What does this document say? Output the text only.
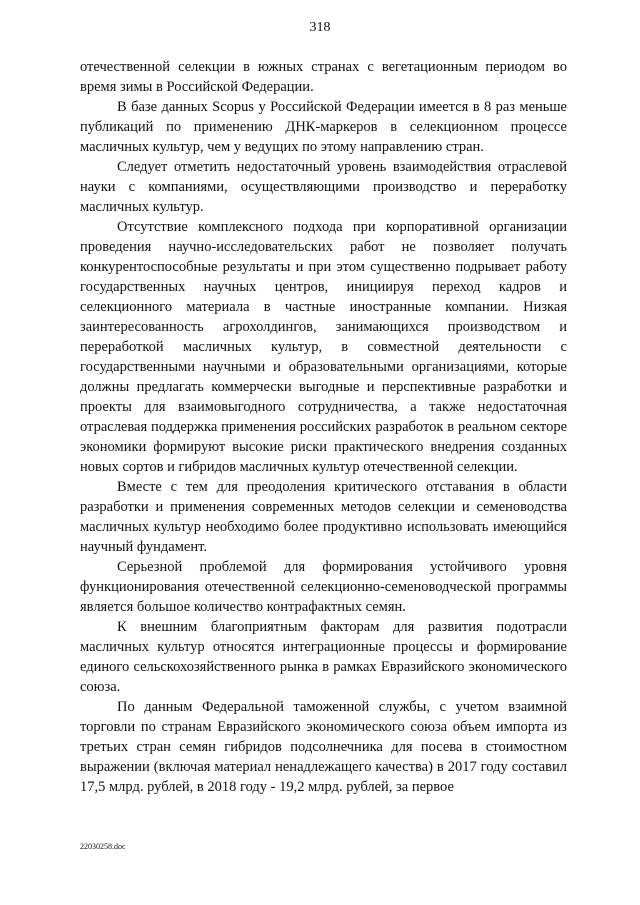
318

отечественной селекции в южных странах с вегетационным периодом во время зимы в Российской Федерации.

В базе данных Scopus у Российской Федерации имеется в 8 раз меньше публикаций по применению ДНК-маркеров в селекционном процессе масличных культур, чем у ведущих по этому направлению стран.

Следует отметить недостаточный уровень взаимодействия отраслевой науки с компаниями, осуществляющими производство и переработку масличных культур.

Отсутствие комплексного подхода при корпоративной организации проведения научно-исследовательских работ не позволяет получать конкурентоспособные результаты и при этом существенно подрывает работу государственных научных центров, инициируя переход кадров и селекционного материала в частные иностранные компании. Низкая заинтересованность агрохолдингов, занимающихся производством и переработкой масличных культур, в совместной деятельности с государственными научными и образовательными организациями, которые должны предлагать коммерчески выгодные и перспективные разработки и проекты для взаимовыгодного сотрудничества, а также недостаточная отраслевая поддержка применения российских разработок в реальном секторе экономики формируют высокие риски практического внедрения созданных новых сортов и гибридов масличных культур отечественной селекции.

Вместе с тем для преодоления критического отставания в области разработки и применения современных методов селекции и семеноводства масличных культур необходимо более продуктивно использовать имеющийся научный фундамент.

Серьезной проблемой для формирования устойчивого уровня функционирования отечественной селекционно-семеноводческой программы является большое количество контрафактных семян.

К внешним благоприятным факторам для развития подотрасли масличных культур относятся интеграционные процессы и формирование единого сельскохозяйственного рынка в рамках Евразийского экономического союза.

По данным Федеральной таможенной службы, с учетом взаимной торговли по странам Евразийского экономического союза объем импорта из третьих стран семян гибридов подсолнечника для посева в стоимостном выражении (включая материал ненадлежащего качества) в 2017 году составил 17,5 млрд. рублей, в 2018 году - 19,2 млрд. рублей, за первое

22030258.doc
